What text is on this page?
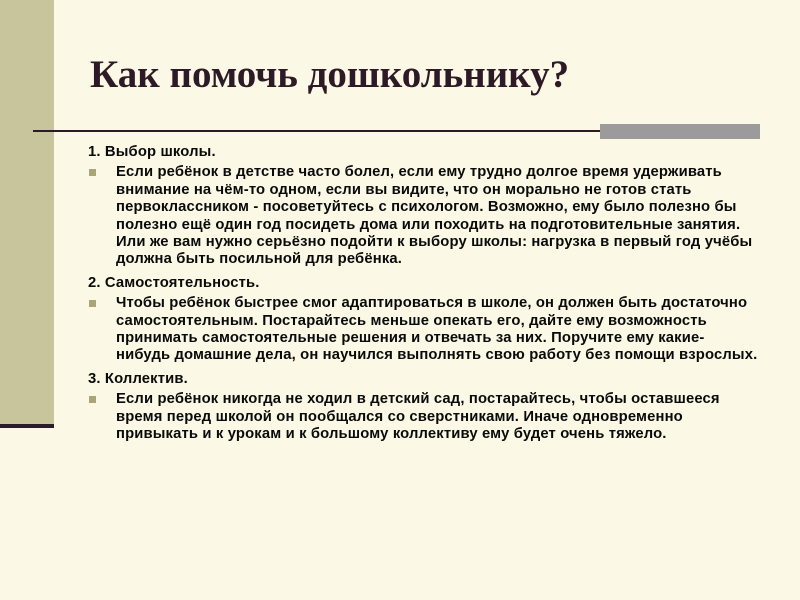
Как помочь дошкольнику?

1. Выбор школы.

Если ребёнок в детстве часто болел, если ему трудно долгое время удерживать внимание на чём-то одном, если вы видите, что он морально не готов стать первоклассником - посоветуйтесь с психологом. Возможно, ему было полезно бы полезно ещё один год посидеть дома или походить на подготовительные занятия. Или же вам нужно серьёзно подойти к выбору школы: нагрузка в первый год учёбы должна быть посильной для ребёнка.

2. Самостоятельность.

Чтобы ребёнок быстрее смог адаптироваться в школе, он должен быть достаточно самостоятельным. Постарайтесь меньше опекать его, дайте ему возможность принимать самостоятельные решения и отвечать за них. Поручите ему какие-нибудь домашние дела, он научился выполнять свою работу без помощи взрослых.

3. Коллектив.

Если ребёнок никогда не ходил в детский сад, постарайтесь, чтобы оставшееся время перед школой он пообщался со сверстниками. Иначе одновременно привыкать и к урокам и к большому коллективу ему будет очень тяжело.
